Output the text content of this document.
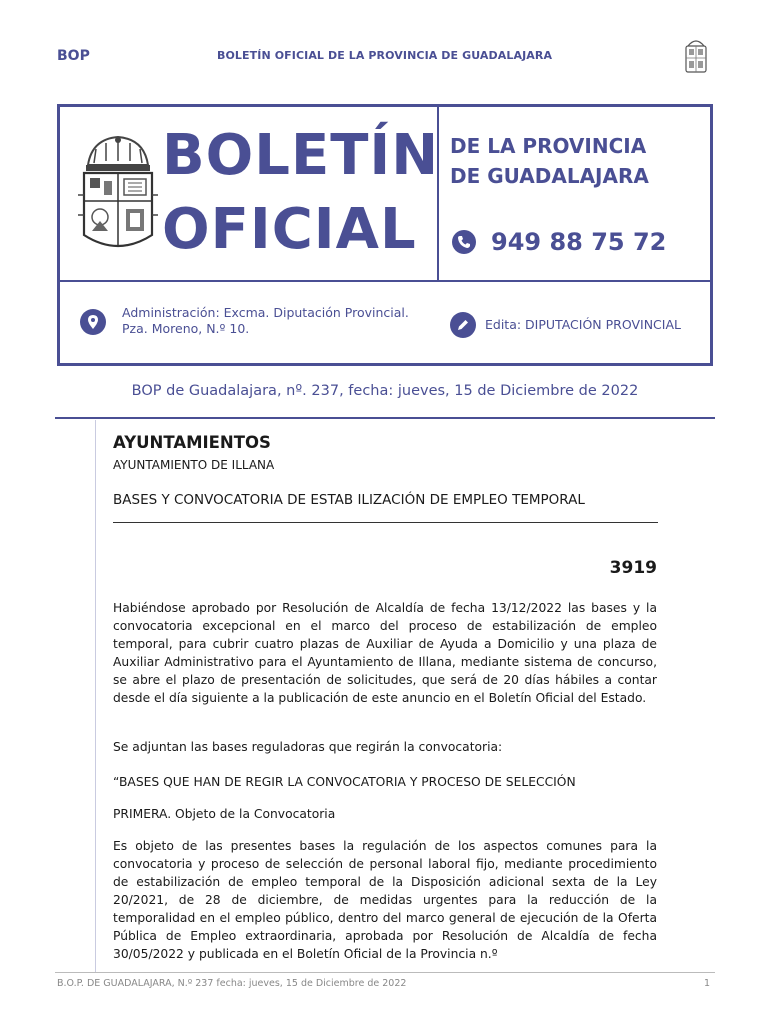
BOP	BOLETÍN OFICIAL DE LA PROVINCIA DE GUADALAJARA
BOLETÍN
OFICIAL
DE LA PROVINCIA
DE GUADALAJARA
949 88 75 72
Administración: Excma. Diputación Provincial.
Pza. Moreno, N.º 10.	Edita: DIPUTACIÓN PROVINCIAL
BOP de Guadalajara, nº. 237, fecha: jueves, 15 de Diciembre de 2022
AYUNTAMIENTOS
AYUNTAMIENTO DE ILLANA
BASES Y CONVOCATORIA DE ESTAB ILIZACIÓN DE EMPLEO TEMPORAL
3919
Habiéndose aprobado por Resolución de Alcaldía de fecha 13/12/2022 las bases y la convocatoria excepcional en el marco del proceso de estabilización de empleo temporal, para cubrir cuatro plazas de Auxiliar de Ayuda a Domicilio y una plaza de Auxiliar Administrativo para el Ayuntamiento de Illana, mediante sistema de concurso, se abre el plazo de presentación de solicitudes, que será de 20 días hábiles a contar desde el día siguiente a la publicación de este anuncio en el Boletín Oficial del Estado.
Se adjuntan las bases reguladoras que regirán la convocatoria:
“BASES QUE HAN DE REGIR LA CONVOCATORIA Y PROCESO DE SELECCIÓN
PRIMERA. Objeto de la Convocatoria
Es objeto de las presentes bases la regulación de los aspectos comunes para la convocatoria y proceso de selección de personal laboral fijo, mediante procedimiento de estabilización de empleo temporal de la Disposición adicional sexta de la Ley 20/2021, de 28 de diciembre, de medidas urgentes para la reducción de la temporalidad en el empleo público, dentro del marco general de ejecución de la Oferta Pública de Empleo extraordinaria, aprobada por Resolución de Alcaldía de fecha 30/05/2022 y publicada en el Boletín Oficial de la Provincia n.º
B.O.P. DE GUADALAJARA, N.º 237 fecha: jueves, 15 de Diciembre de 2022	1
